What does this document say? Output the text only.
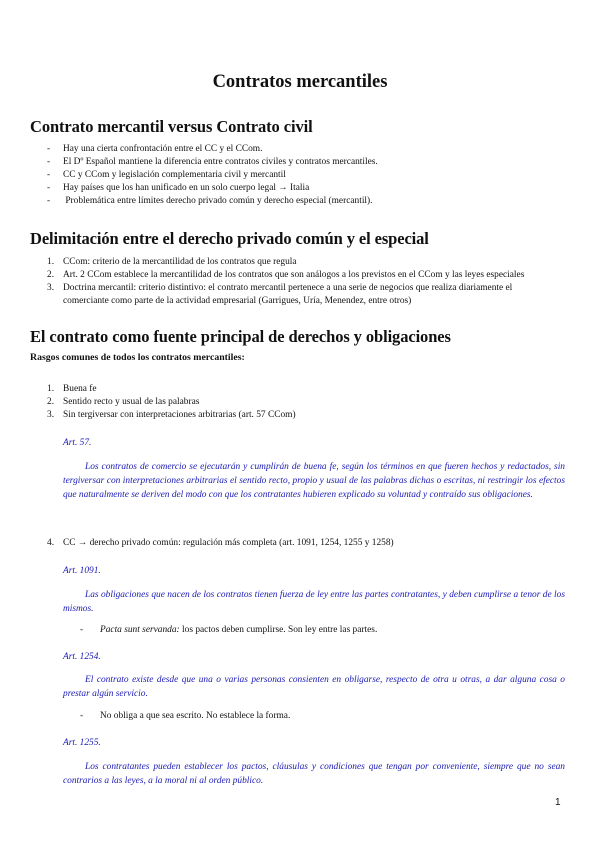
Contratos mercantiles
Contrato mercantil versus Contrato civil
- Hay una cierta confrontación entre el CC y el CCom.
- El Dº Español mantiene la diferencia entre contratos civiles y contratos mercantiles.
- CC y CCom y legislación complementaria civil y mercantil
- Hay países que los han unificado en un solo cuerpo legal → Italia
- Problemática entre límites derecho privado común y derecho especial (mercantil).
Delimitación entre el derecho privado común y el especial
1. CCom: criterio de la mercantilidad de los contratos que regula
2. Art. 2 CCom establece la mercantilidad de los contratos que son análogos a los previstos en el CCom y las leyes especiales
3. Doctrina mercantil: criterio distintivo: el contrato mercantil pertenece a una serie de negocios que realiza diariamente el
comerciante como parte de la actividad empresarial (Garrigues, Uría, Menendez, entre otros)
El contrato como fuente principal de derechos y obligaciones
Rasgos comunes de todos los contratos mercantiles:
1. Buena fe
2. Sentido recto y usual de las palabras
3. Sin tergiversar con interpretaciones arbitrarias (art. 57 CCom)
Art. 57.
Los contratos de comercio se ejecutarán y cumplirán de buena fe, según los términos en que fueren hechos y redactados, sin tergiversar con interpretaciones arbitrarias el sentido recto, propio y usual de las palabras dichas o escritas, ni restringir los efectos que naturalmente se deriven del modo con que los contratantes hubieren explicado su voluntad y contraído sus obligaciones.
4. CC → derecho privado común: regulación más completa (art. 1091, 1254, 1255 y 1258)
Art. 1091.
Las obligaciones que nacen de los contratos tienen fuerza de ley entre las partes contratantes, y deben cumplirse a tenor de los mismos.
- Pacta sunt servanda: los pactos deben cumplirse. Son ley entre las partes.
Art. 1254.
El contrato existe desde que una o varias personas consienten en obligarse, respecto de otra u otras, a dar alguna cosa o prestar algún servicio.
- No obliga a que sea escrito. No establece la forma.
Art. 1255.
Los contratantes pueden establecer los pactos, cláusulas y condiciones que tengan por conveniente, siempre que no sean contrarios a las leyes, a la moral ni al orden público.
1
